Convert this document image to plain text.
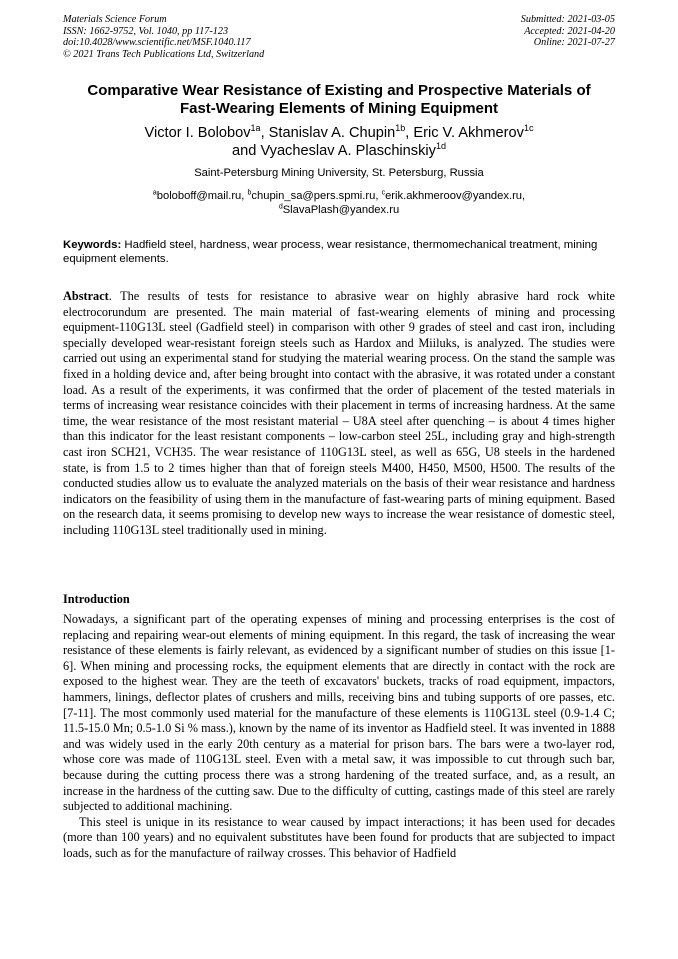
Materials Science Forum
ISSN: 1662-9752, Vol. 1040, pp 117-123
doi:10.4028/www.scientific.net/MSF.1040.117
© 2021 Trans Tech Publications Ltd, Switzerland
Submitted: 2021-03-05
Accepted: 2021-04-20
Online: 2021-07-27
Comparative Wear Resistance of Existing and Prospective Materials of
Fast-Wearing Elements of Mining Equipment
Victor I. Bolobov$^{1a}$, Stanislav A. Chupin$^{1b}$, Eric V. Akhmerov$^{1c}$
and Vyacheslav A. Plaschinskiy$^{1d}$
Saint-Petersburg Mining University, St. Petersburg, Russia
$^a$boloboff@mail.ru, $^b$chupin_sa@pers.spmi.ru, $^c$erik.akhmeroov@yandex.ru,
$^d$SlavaPlash@yandex.ru
Keywords: Hadfield steel, hardness, wear process, wear resistance, thermomechanical treatment, mining equipment elements.
Abstract. The results of tests for resistance to abrasive wear on highly abrasive hard rock white electrocorundum are presented. The main material of fast-wearing elements of mining and processing equipment-110G13L steel (Gadfield steel) in comparison with other 9 grades of steel and cast iron, including specially developed wear-resistant foreign steels such as Hardox and Miiluks, is analyzed. The studies were carried out using an experimental stand for studying the material wearing process. On the stand the sample was fixed in a holding device and, after being brought into contact with the abrasive, it was rotated under a constant load. As a result of the experiments, it was confirmed that the order of placement of the tested materials in terms of increasing wear resistance coincides with their placement in terms of increasing hardness. At the same time, the wear resistance of the most resistant material – U8A steel after quenching – is about 4 times higher than this indicator for the least resistant components – low-carbon steel 25L, including gray and high-strength cast iron SCH21, VCH35. The wear resistance of 110G13L steel, as well as 65G, U8 steels in the hardened state, is from 1.5 to 2 times higher than that of foreign steels M400, H450, M500, H500. The results of the conducted studies allow us to evaluate the analyzed materials on the basis of their wear resistance and hardness indicators on the feasibility of using them in the manufacture of fast-wearing parts of mining equipment. Based on the research data, it seems promising to develop new ways to increase the wear resistance of domestic steel, including 110G13L steel traditionally used in mining.
Introduction

Nowadays, a significant part of the operating expenses of mining and processing enterprises is the cost of replacing and repairing wear-out elements of mining equipment. In this regard, the task of increasing the wear resistance of these elements is fairly relevant, as evidenced by a significant number of studies on this issue [1-6]. When mining and processing rocks, the equipment elements that are directly in contact with the rock are exposed to the highest wear. They are the teeth of excavators' buckets, tracks of road equipment, impactors, hammers, linings, deflector plates of crushers and mills, receiving bins and tubing supports of ore passes, etc. [7-11]. The most commonly used material for the manufacture of these elements is 110G13L steel (0.9-1.4 C; 11.5-15.0 Mn; 0.5-1.0 Si % mass.), known by the name of its inventor as Hadfield steel. It was invented in 1888 and was widely used in the early 20th century as a material for prison bars. The bars were a two-layer rod, whose core was made of 110G13L steel. Even with a metal saw, it was impossible to cut through such bar, because during the cutting process there was a strong hardening of the treated surface, and, as a result, an increase in the hardness of the cutting saw. Due to the difficulty of cutting, castings made of this steel are rarely subjected to additional machining.

This steel is unique in its resistance to wear caused by impact interactions; it has been used for decades (more than 100 years) and no equivalent substitutes have been found for products that are subjected to impact loads, such as for the manufacture of railway crosses. This behavior of Hadfield
